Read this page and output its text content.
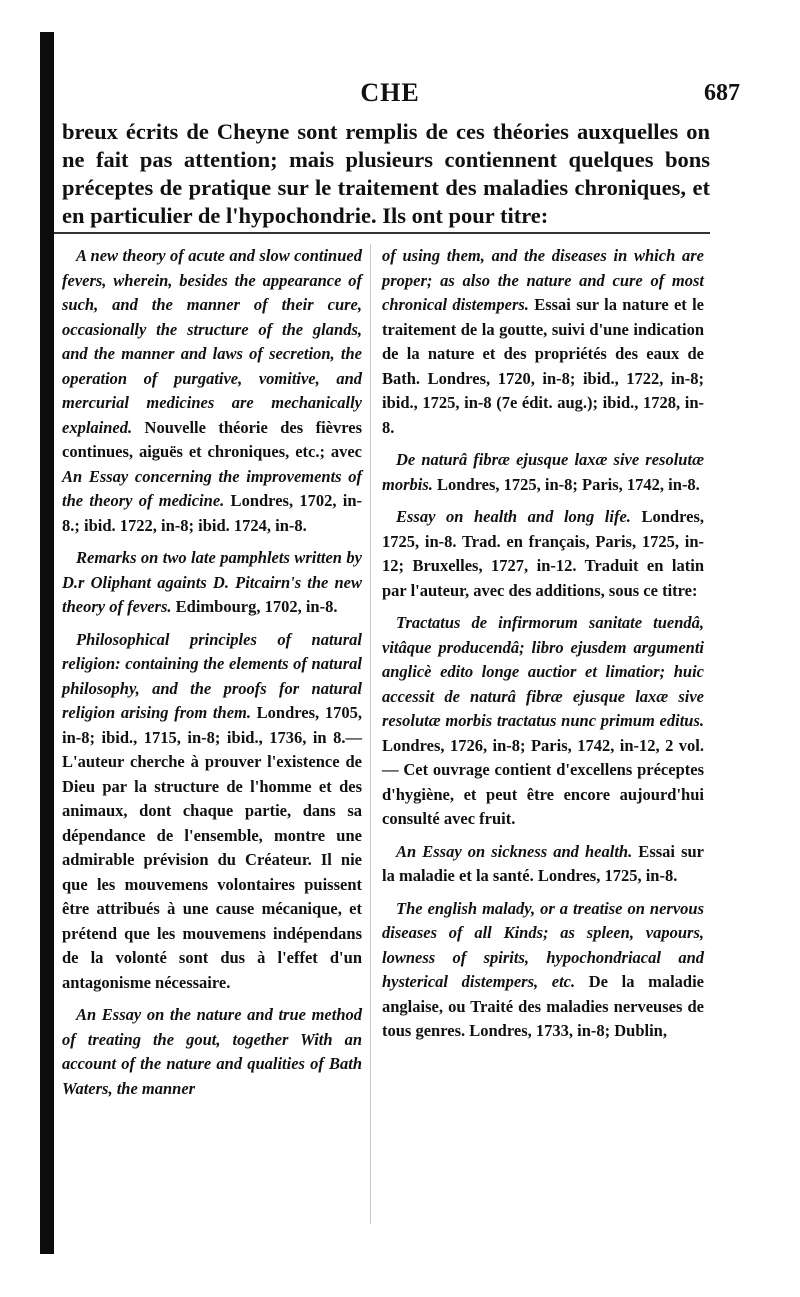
CHE	687

breux écrits de Cheyne sont remplis de ces théories auxquelles on ne fait pas attention; mais plusieurs contiennent quelques bons préceptes de pratique sur le traitement des maladies chroniques, et en particulier de l'hypochondrie. Ils ont pour titre:

A new theory of acute and slow continued fevers, wherein, besides the appearance of such, and the manner of their cure, occasionally the structure of the glands, and the manner and laws of secretion, the operation of purgative, vomitive, and mercurial medicines are mechanically explained. Nouvelle théorie des fièvres continues, aiguës et chroniques, etc.; avec An Essay concerning the improvements of the theory of medicine. Londres, 1702, in-8.; ibid. 1722, in-8; ibid. 1724, in-8.

Remarks on two late pamphlets written by D.r Oliphant againts D. Pitcairn's the new theory of fevers. Edimbourg, 1702, in-8.

Philosophical principles of natural religion: containing the elements of natural philosophy, and the proofs for natural religion arising from them. Londres, 1705, in-8; ibid., 1715, in-8; ibid., 1736, in 8.—L'auteur cherche à prouver l'existence de Dieu par la structure de l'homme et des animaux, dont chaque partie, dans sa dépendance de l'ensemble, montre une admirable prévision du Créateur. Il nie que les mouvemens volontaires puissent être attribués à une cause mécanique, et prétend que les mouvemens indépendans de la volonté sont dus à l'effet d'un antagonisme nécessaire.

An Essay on the nature and true method of treating the gout, together With an account of the nature and qualities of Bath Waters, the manner

of using them, and the diseases in which are proper; as also the nature and cure of most chronical distempers. Essai sur la nature et le traitement de la goutte, suivi d'une indication de la nature et des propriétés des eaux de Bath. Londres, 1720, in-8; ibid., 1722, in-8; ibid., 1725, in-8 (7e édit. aug.); ibid., 1728, in-8.

De naturâ fibræ ejusque laxæ sive resolutæ morbis. Londres, 1725, in-8; Paris, 1742, in-8.

Essay on health and long life. Londres, 1725, in-8. Trad. en français, Paris, 1725, in-12; Bruxelles, 1727, in-12. Traduit en latin par l'auteur, avec des additions, sous ce titre:

Tractatus de infirmorum sanitate tuendâ, vitâque producendâ; libro ejusdem argumenti anglicè edito longe auctior et limatior; huic accessit de naturâ fibræ ejusque laxæ sive resolutæ morbis tractatus nunc primum editus. Londres, 1726, in-8; Paris, 1742, in-12, 2 vol. — Cet ouvrage contient d'excellens préceptes d'hygiène, et peut être encore aujourd'hui consulté avec fruit.

An Essay on sickness and health. Essai sur la maladie et la santé. Londres, 1725, in-8.

The english malady, or a treatise on nervous diseases of all Kinds; as spleen, vapours, lowness of spirits, hypochondriacal and hysterical distempers, etc. De la maladie anglaise, ou Traité des maladies nerveuses de tous genres. Londres, 1733, in-8; Dublin,
